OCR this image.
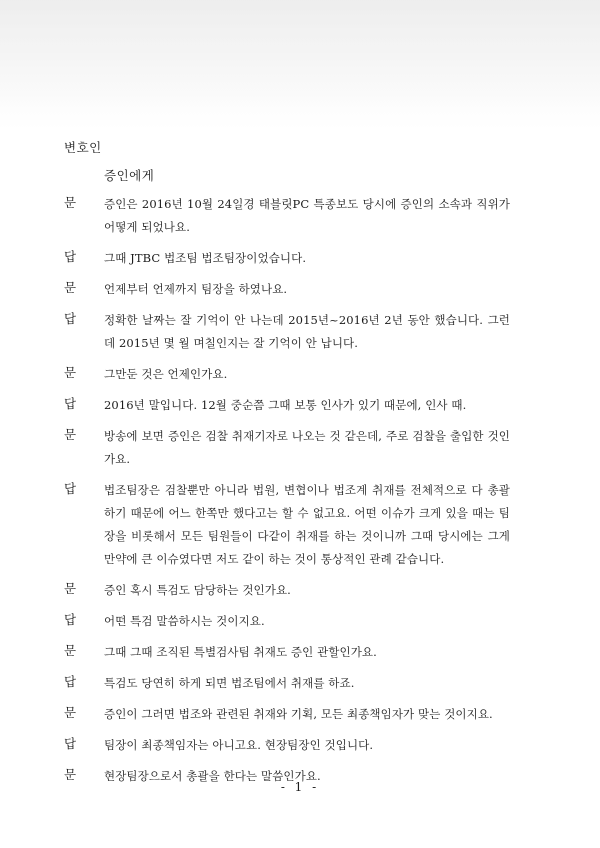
변호인
증인에게
문 증인은 2016년 10월 24일경 태블릿PC 특종보도 당시에 증인의 소속과 직위가 어떻게 되었나요.
답 그때 JTBC 법조팀 법조팀장이었습니다.
문 언제부터 언제까지 팀장을 하였나요.
답 정확한 날짜는 잘 기억이 안 나는데 2015년~2016년 2년 동안 했습니다. 그런데 2015년 몇 월 며칠인지는 잘 기억이 안 납니다.
문 그만둔 것은 언제인가요.
답 2016년 말입니다. 12월 중순쯤 그때 보통 인사가 있기 때문에, 인사 때.
문 방송에 보면 증인은 검찰 취재기자로 나오는 것 같은데, 주로 검찰을 출입한 것인가요.
답 법조팀장은 검찰뿐만 아니라 법원, 변협이나 법조계 취재를 전체적으로 다 총괄하기 때문에 어느 한쪽만 했다고는 할 수 없고요. 어떤 이슈가 크게 있을 때는 팀장을 비롯해서 모든 팀원들이 다같이 취재를 하는 것이니까 그때 당시에는 그게 만약에 큰 이슈였다면 저도 같이 하는 것이 통상적인 관례 같습니다.
문 증인 혹시 특검도 담당하는 것인가요.
답 어떤 특검 말씀하시는 것이지요.
문 그때 그때 조직된 특별검사팀 취재도 증인 관할인가요.
답 특검도 당연히 하게 되면 법조팀에서 취재를 하죠.
문 증인이 그러면 법조와 관련된 취재와 기획, 모든 최종책임자가 맞는 것이지요.
답 팀장이 최종책임자는 아니고요. 현장팀장인 것입니다.
문 현장팀장으로서 총괄을 한다는 말씀인가요.
- 1 -
